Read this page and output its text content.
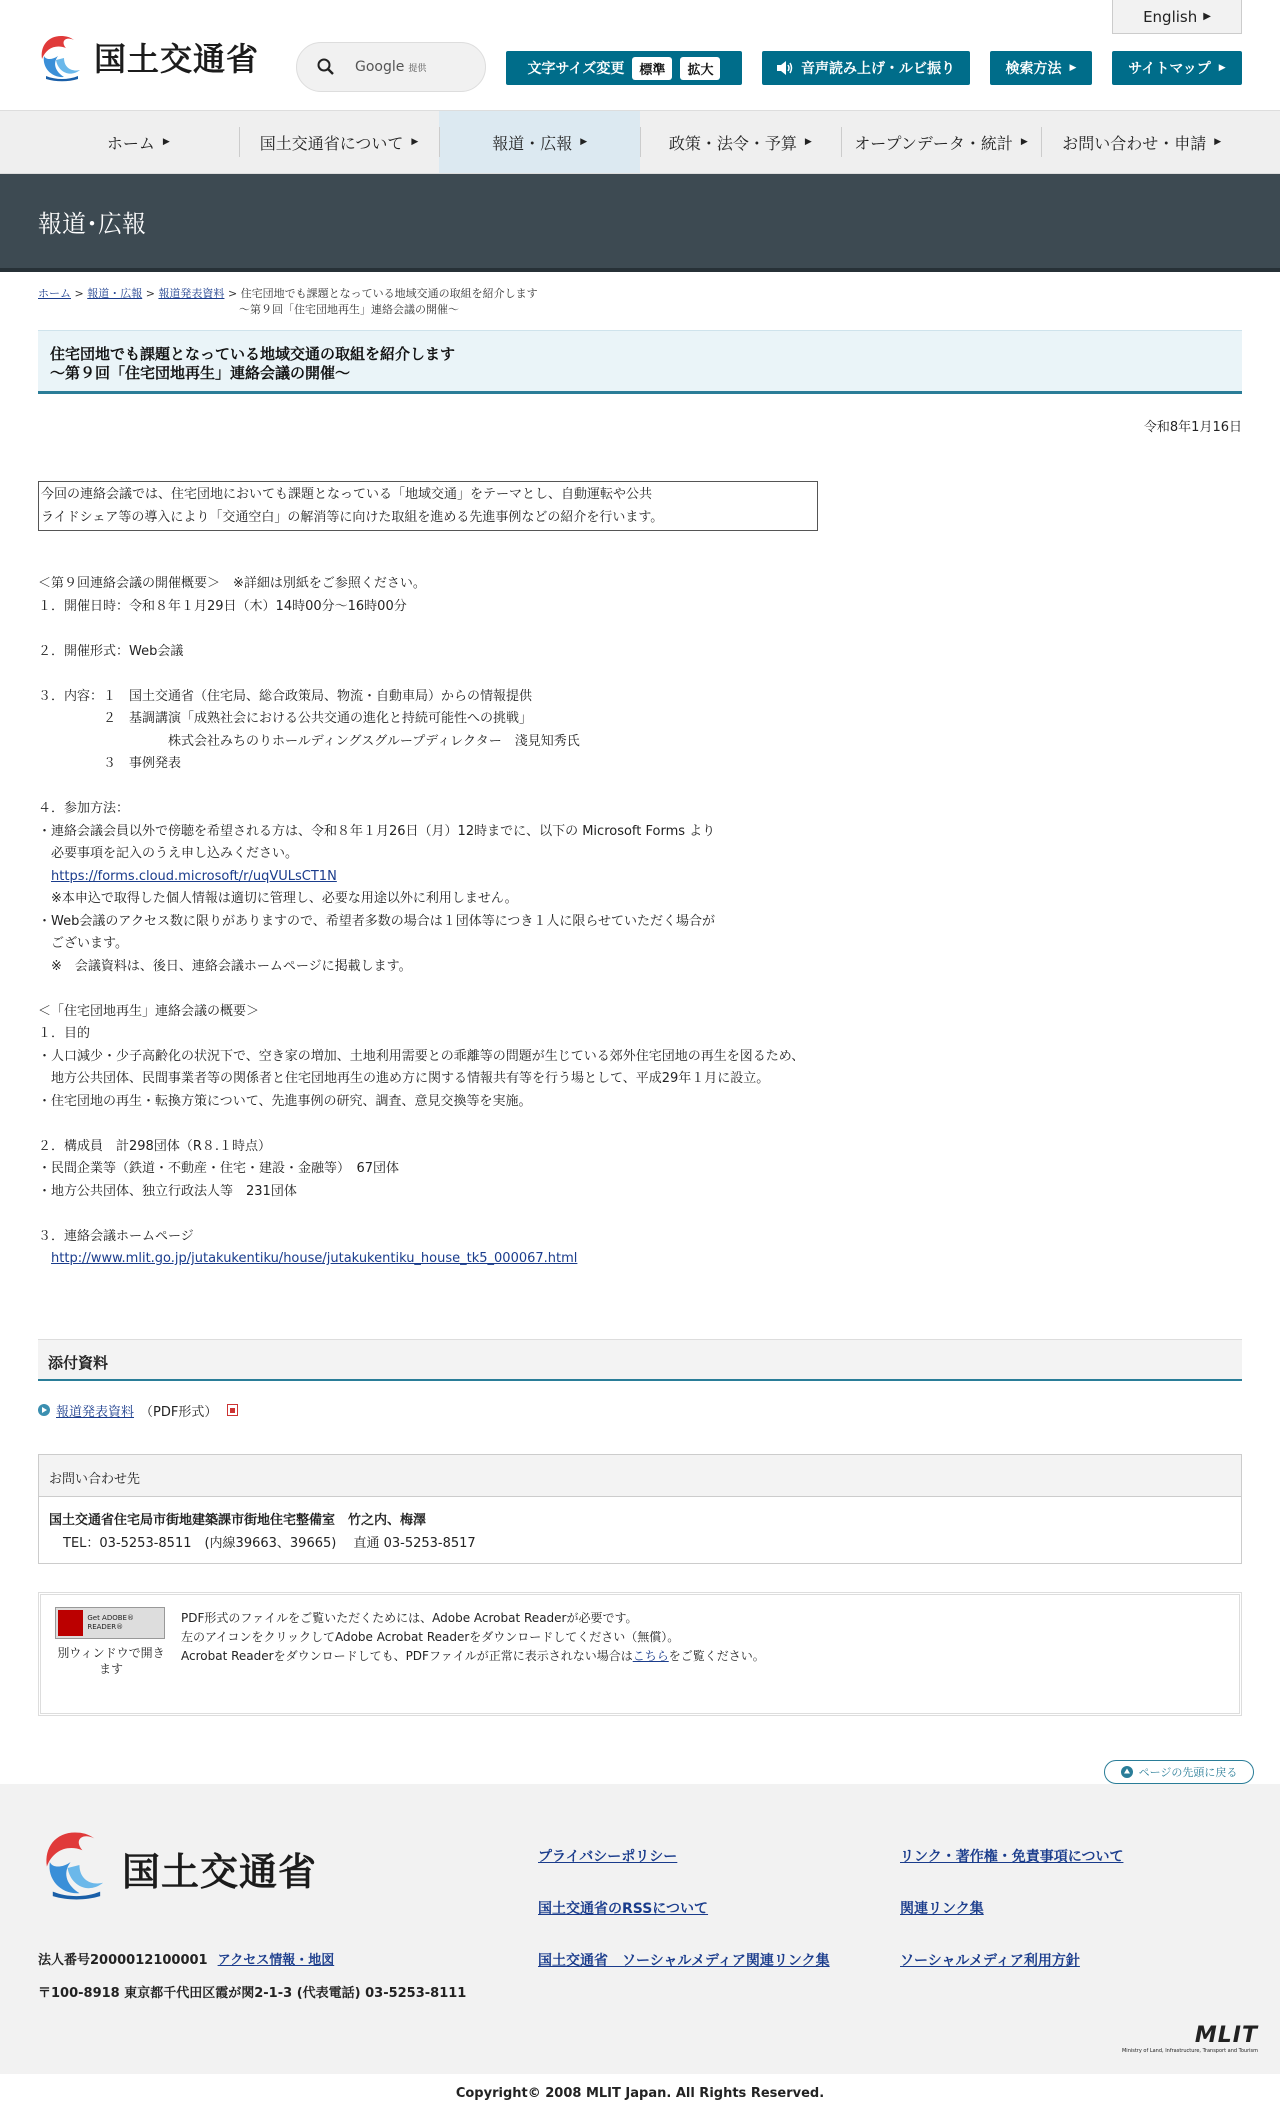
English ▶
国土交通省	Google 提供	文字サイズ変更	標準	拡大	音声読み上げ・ルビ振り	検索方法 ▶	サイトマップ ▶
ホーム ▶	国土交通省について ▶	報道・広報 ▶	政策・法令・予算 ▶	オープンデータ・統計 ▶ お問い合わせ・申請 ▶
報道･広報
ホーム > 報道・広報 > 報道発表資料 > 住宅団地でも課題となっている地域交通の取組を紹介します
～第９回「住宅団地再生」連絡会議の開催～
住宅団地でも課題となっている地域交通の取組を紹介します
～第９回「住宅団地再生」連絡会議の開催～
令和8年1月16日
今回の連絡会議では、住宅団地においても課題となっている「地域交通」をテーマとし、自動運転や公共
ライドシェア等の導入により「交通空白」の解消等に向けた取組を進める先進事例などの紹介を行います。
＜第９回連絡会議の開催概要＞　※詳細は別紙をご参照ください。
１．開催日時：令和８年１月29日（木）14時00分～16時00分

２．開催形式：Web会議

３．内容：１　国土交通省（住宅局、総合政策局、物流・自動車局）からの情報提供
　　　　　２　基調講演「成熟社会における公共交通の進化と持続可能性への挑戦」
　　　　　　　　　　株式会社みちのりホールディングスグループディレクター　淺見知秀氏
　　　　　３　事例発表

４．参加方法：
・連絡会議会員以外で傍聴を希望される方は、令和８年１月26日（月）12時までに、以下の Microsoft Forms より
　必要事項を記入のうえ申し込みください。
　https://forms.cloud.microsoft/r/uqVULsCT1N
　※本申込で取得した個人情報は適切に管理し、必要な用途以外に利用しません。
・Web会議のアクセス数に限りがありますので、希望者多数の場合は１団体等につき１人に限らせていただく場合が
　ございます。
　※　会議資料は、後日、連絡会議ホームページに掲載します。

＜「住宅団地再生」連絡会議の概要＞
１．目的
・人口減少・少子高齢化の状況下で、空き家の増加、土地利用需要との乖離等の問題が生じている郊外住宅団地の再生を図るため、
　地方公共団体、民間事業者等の関係者と住宅団地再生の進め方に関する情報共有等を行う場として、平成29年１月に設立。
・住宅団地の再生・転換方策について、先進事例の研究、調査、意見交換等を実施。

２．構成員　計298団体（R８.１時点）
・民間企業等（鉄道・不動産・住宅・建設・金融等）　67団体
・地方公共団体、独立行政法人等　231団体

３．連絡会議ホームページ
　http://www.mlit.go.jp/jutakukentiku/house/jutakukentiku_house_tk5_000067.html
添付資料
報道発表資料 （PDF形式）
お問い合わせ先
国土交通省住宅局市街地建築課市街地住宅整備室　竹之内、梅澤
TEL：03-5253-8511　(内線39663、39665)　 直通 03-5253-8517
Get ADOBE® READER®
別ウィンドウで開きます
PDF形式のファイルをご覧いただくためには、Adobe Acrobat Readerが必要です。
左のアイコンをクリックしてAdobe Acrobat Readerをダウンロードしてください（無償）。
Acrobat Readerをダウンロードしても、PDFファイルが正常に表示されない場合はこちらをご覧ください。
ページの先頭に戻る
国土交通省
法人番号2000012100001 アクセス情報・地図
〒100-8918 東京都千代田区霞が関2-1-3 (代表電話) 03-5253-8111
プライバシーポリシー	リンク・著作権・免責事項について
国土交通省のRSSについて	関連リンク集
国土交通省　ソーシャルメディア関連リンク集	ソーシャルメディア利用方針
MLIT
Ministry of Land, Infrastructure, Transport and Tourism
Copyright© 2008 MLIT Japan. All Rights Reserved.
